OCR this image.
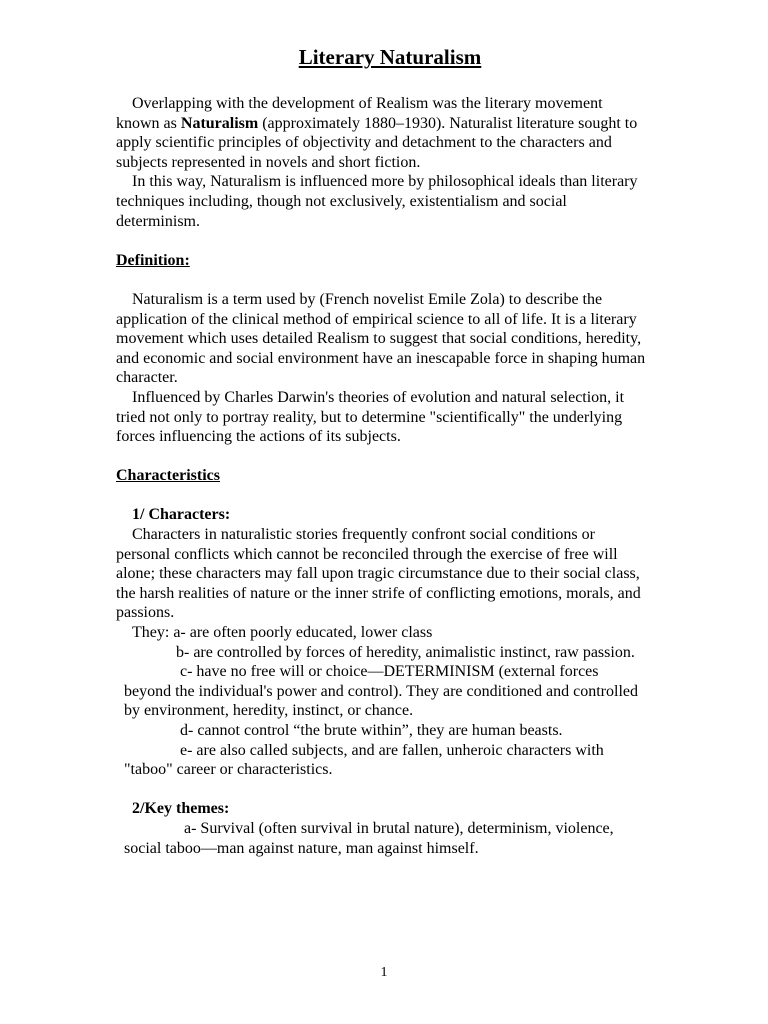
Literary Naturalism

Overlapping with the development of Realism was the literary movement known as Naturalism (approximately 1880–1930). Naturalist literature sought to apply scientific principles of objectivity and detachment to the characters and subjects represented in novels and short fiction.

In this way, Naturalism is influenced more by philosophical ideals than literary techniques including, though not exclusively, existentialism and social determinism.

Definition:

Naturalism is a term used by (French novelist Emile Zola) to describe the application of the clinical method of empirical science to all of life. It is a literary movement which uses detailed Realism to suggest that social conditions, heredity, and economic and social environment have an inescapable force in shaping human character.

Influenced by Charles Darwin's theories of evolution and natural selection, it tried not only to portray reality, but to determine "scientifically" the underlying forces influencing the actions of its subjects.

Characteristics
1/ Characters:

Characters in naturalistic stories frequently confront social conditions or personal conflicts which cannot be reconciled through the exercise of free will alone; these characters may fall upon tragic circumstance due to their social class, the harsh realities of nature or the inner strife of conflicting emotions, morals, and passions.

They: a- are often poorly educated, lower class

b- are controlled by forces of heredity, animalistic instinct, raw passion.

c- have no free will or choice—DETERMINISM (external forces beyond the individual's power and control). They are conditioned and controlled by environment, heredity, instinct, or chance.

d- cannot control “the brute within”, they are human beasts.

e- are also called subjects, and are fallen, unheroic characters with "taboo" career or characteristics.

2/Key themes:

a- Survival (often survival in brutal nature), determinism, violence, social taboo—man against nature, man against himself.

1
